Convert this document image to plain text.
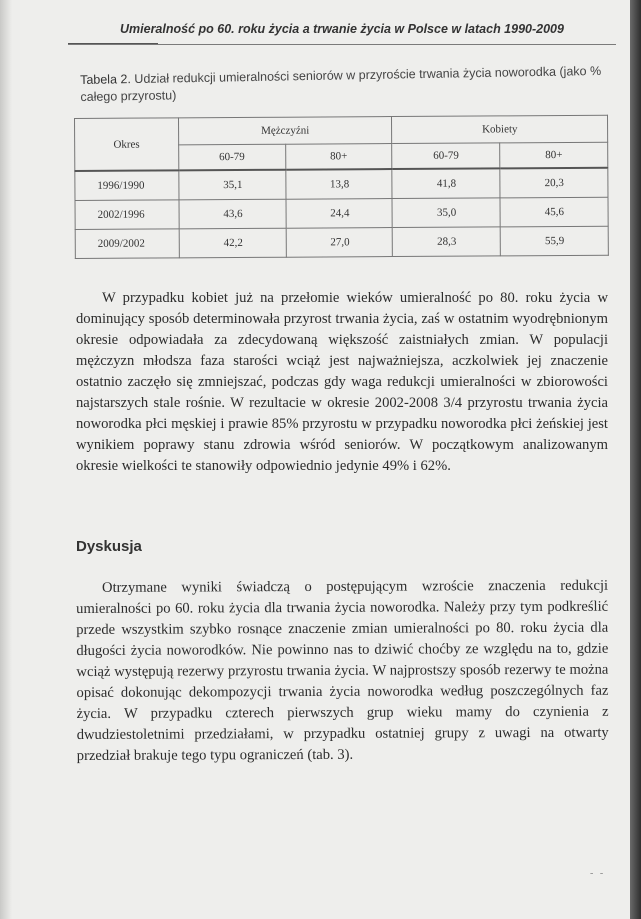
Umieralność po 60. roku życia a trwanie życia w Polsce w latach 1990-2009
Tabela 2. Udział redukcji umieralności seniorów w przyroście trwania życia noworodka (jako % całego przyrostu)
Okres	Mężczyźni		Kobiety	
	60-79	80+	60-79	80+
1996/1990	35,1	13,8	41,8	20,3
2002/1996	43,6	24,4	35,0	45,6
2009/2002	42,2	27,0	28,3	55,9

W przypadku kobiet już na przełomie wieków umieralność po 80. roku życia w dominujący sposób determinowała przyrost trwania życia, zaś w ostatnim wyodrębnionym okresie odpowiadała za zdecydowaną większość zaistniałych zmian. W populacji mężczyzn młodsza faza starości wciąż jest najważniejsza, aczkolwiek jej znaczenie ostatnio zaczęło się zmniejszać, podczas gdy waga redukcji umieralności w zbiorowości najstarszych stale rośnie. W rezultacie w okresie 2002-2008 3/4 przyrostu trwania życia noworodka płci męskiej i prawie 85% przyrostu w przypadku noworodka płci żeńskiej jest wynikiem poprawy stanu zdrowia wśród seniorów. W początkowym analizowanym okresie wielkości te stanowiły odpowiednio jedynie 49% i 62%.

Dyskusja

Otrzymane wyniki świadczą o postępującym wzroście znaczenia redukcji umieralności po 60. roku życia dla trwania życia noworodka. Należy przy tym podkreślić przede wszystkim szybko rosnące znaczenie zmian umieralności po 80. roku życia dla długości życia noworodków. Nie powinno nas to dziwić choćby ze względu na to, gdzie wciąż występują rezerwy przyrostu trwania życia. W najprostszy sposób rezerwy te można opisać dokonując dekompozycji trwania życia noworodka według poszczególnych faz życia. W przypadku czterech pierwszych grup wieku mamy do czynienia z dwudziestoletnimi przedziałami, w przypadku ostatniej grupy z uwagi na otwarty przedział brakuje tego typu ograniczeń (tab. 3).

- -
